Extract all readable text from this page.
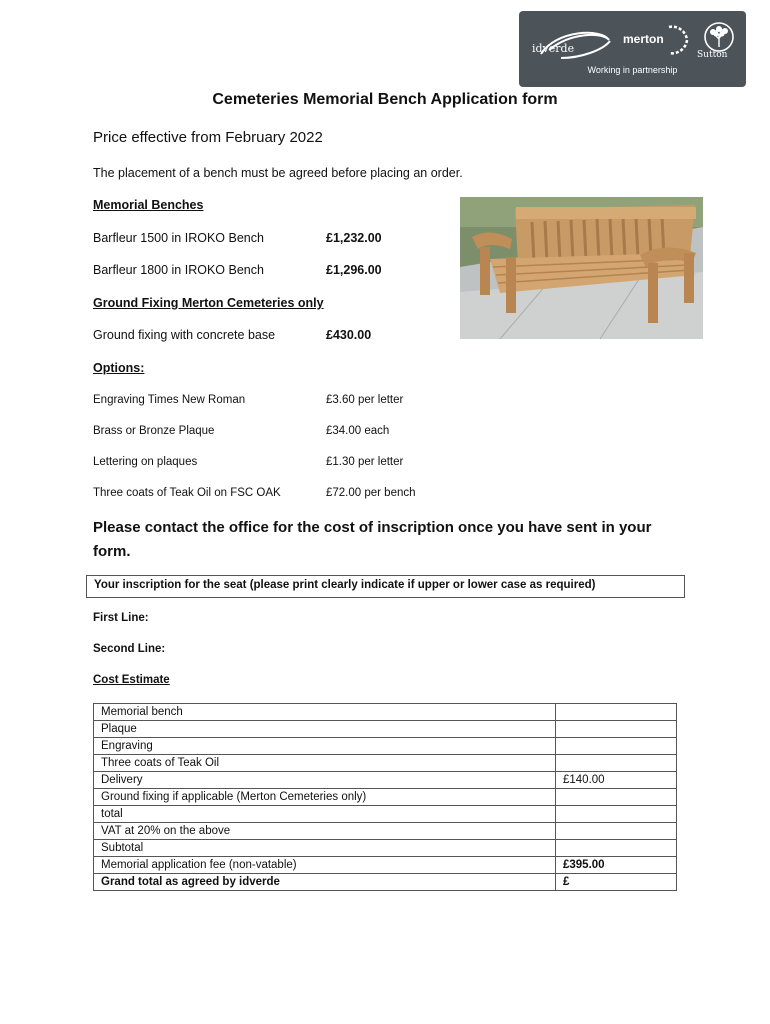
idverde
merton
Sutton
Working in partnership
Cemeteries Memorial Bench Application form
Price effective from February 2022
The placement of a bench must be agreed before placing an order.
Memorial Benches
Barfleur 1500 in IROKO Bench	£1,232.00
Barfleur 1800 in IROKO Bench	£1,296.00
Ground Fixing Merton Cemeteries only
Ground fixing with concrete base	£430.00
Options:
Engraving Times New Roman	£3.60 per letter
Brass or Bronze Plaque	£34.00 each
Lettering on plaques	£1.30 per letter
Three coats of Teak Oil on FSC OAK	£72.00 per bench
Please contact the office for the cost of inscription once you have sent in your form.
Your inscription for the seat (please print clearly indicate if upper or lower case as required)
First Line:
Second Line:
Cost Estimate
Memorial bench	
Plaque	
Engraving	
Three coats of Teak Oil	
Delivery	£140.00
Ground fixing if applicable (Merton Cemeteries only)	
total	
VAT at 20% on the above	
Subtotal	
Memorial application fee (non-vatable)	£395.00
Grand total as agreed by idverde	£
